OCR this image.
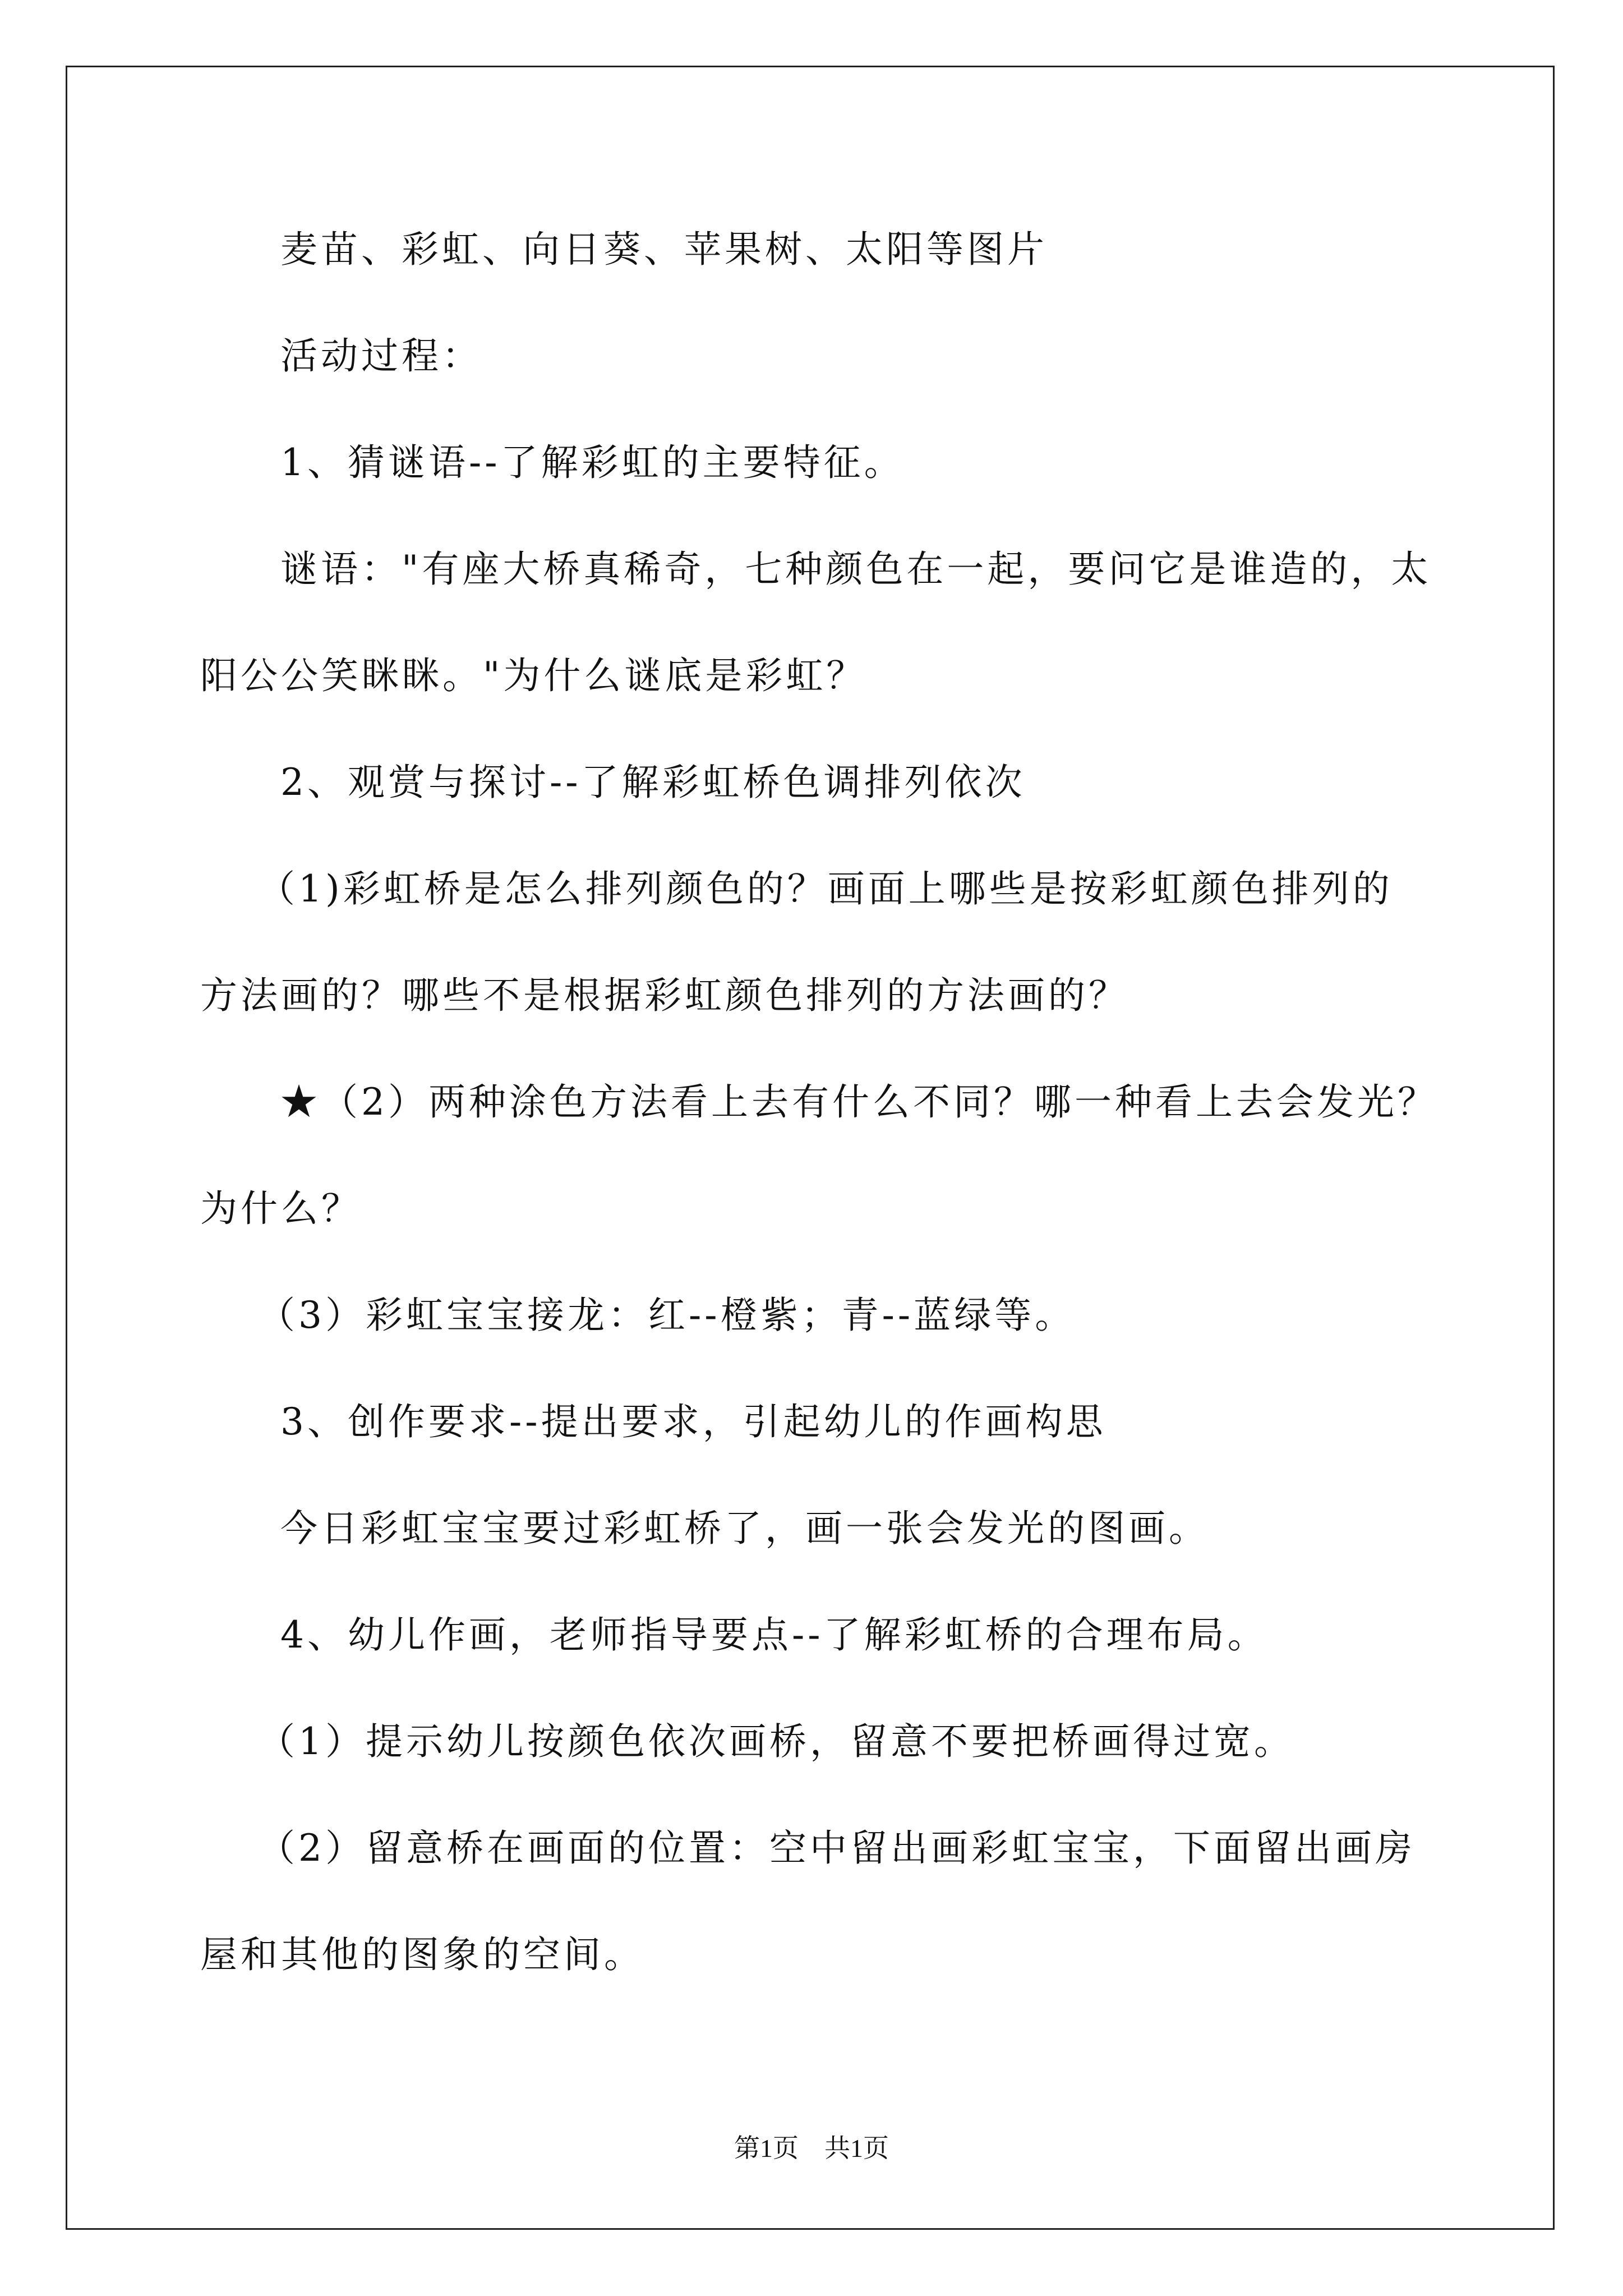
麦苗、彩虹、向日葵、苹果树、太阳等图片
活动过程：
1、猜谜语--了解彩虹的主要特征。
谜语："有座大桥真稀奇，七种颜色在一起，要问它是谁造的，太
阳公公笑眯眯。"为什么谜底是彩虹？
2、观赏与探讨--了解彩虹桥色调排列依次
（1)彩虹桥是怎么排列颜色的？画面上哪些是按彩虹颜色排列的
方法画的？哪些不是根据彩虹颜色排列的方法画的？
★（2）两种涂色方法看上去有什么不同？哪一种看上去会发光？
为什么？
（3）彩虹宝宝接龙：红--橙紫；青--蓝绿等。
3、创作要求--提出要求，引起幼儿的作画构思
今日彩虹宝宝要过彩虹桥了，画一张会发光的图画。
4、幼儿作画，老师指导要点--了解彩虹桥的合理布局。
（1）提示幼儿按颜色依次画桥，留意不要把桥画得过宽。
（2）留意桥在画面的位置：空中留出画彩虹宝宝，下面留出画房
屋和其他的图象的空间。
第1页　共1页
